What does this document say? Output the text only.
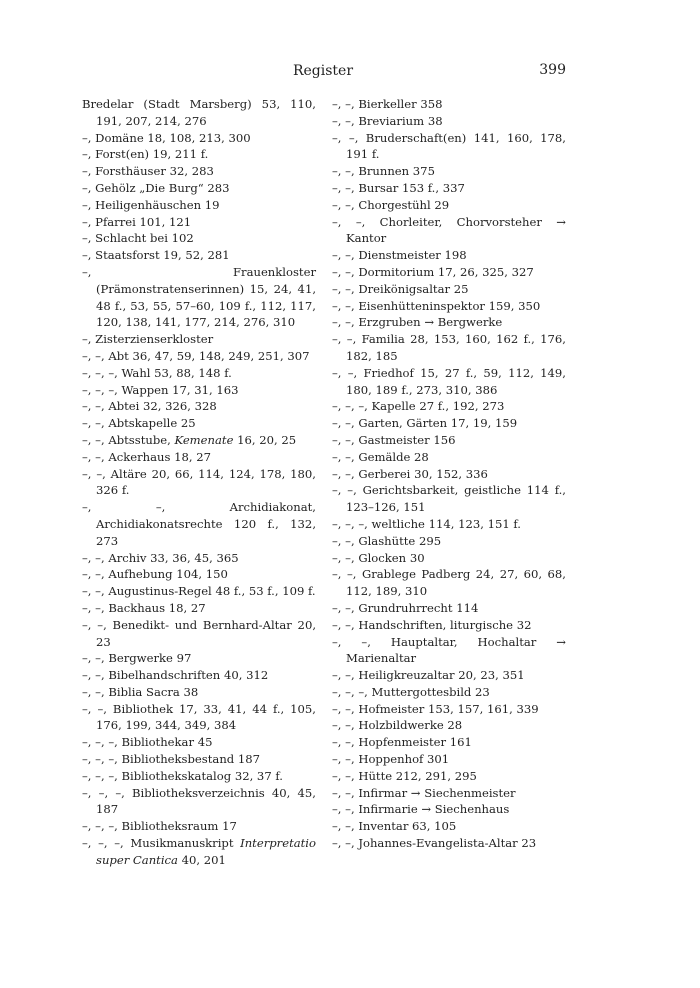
Register	399
Bredelar (Stadt Marsberg) 53, 110, 191, 207, 214, 276
–, Domäne 18, 108, 213, 300
–, Forst(en) 19, 211 f.
–, Forsthäuser 32, 283
–, Gehölz „Die Burg“ 283
–, Heiligenhäuschen 19
–, Pfarrei 101, 121
–, Schlacht bei 102
–, Staatsforst 19, 52, 281
–, Frauenkloster (Prämonstratenserinnen) 15, 24, 41, 48 f., 53, 55, 57–60, 109 f., 112, 117, 120, 138, 141, 177, 214, 276, 310
–, Zisterzienserkloster
–, –, Abt 36, 47, 59, 148, 249, 251, 307
–, –, –, Wahl 53, 88, 148 f.
–, –, –, Wappen 17, 31, 163
–, –, Abtei 32, 326, 328
–, –, Abtskapelle 25
–, –, Abtsstube, Kemenate 16, 20, 25
–, –, Ackerhaus 18, 27
–, –, Altäre 20, 66, 114, 124, 178, 180, 326 f.
–, –, Archidiakonat, Archidiakonatsrechte 120 f., 132, 273
–, –, Archiv 33, 36, 45, 365
–, –, Aufhebung 104, 150
–, –, Augustinus-Regel 48 f., 53 f., 109 f.
–, –, Backhaus 18, 27
–, –, Benedikt- und Bernhard-Altar 20, 23
–, –, Bergwerke 97
–, –, Bibelhandschriften 40, 312
–, –, Biblia Sacra 38
–, –, Bibliothek 17, 33, 41, 44 f., 105, 176, 199, 344, 349, 384
–, –, –, Bibliothekar 45
–, –, –, Bibliotheksbestand 187
–, –, –, Bibliothekskatalog 32, 37 f.
–, –, –, Bibliotheksverzeichnis 40, 45, 187
–, –, –, Bibliotheksraum 17
–, –, –, Musikmanuskript Interpretatio super Cantica 40, 201
–, –, Bierkeller 358
–, –, Breviarium 38
–, –, Bruderschaft(en) 141, 160, 178, 191 f.
–, –, Brunnen 375
–, –, Bursar 153 f., 337
–, –, Chorgestühl 29
–, –, Chorleiter, Chorvorsteher → Kantor
–, –, Dienstmeister 198
–, –, Dormitorium 17, 26, 325, 327
–, –, Dreikönigsaltar 25
–, –, Eisenhütteninspektor 159, 350
–, –, Erzgruben → Bergwerke
–, –, Familia 28, 153, 160, 162 f., 176, 182, 185
–, –, Friedhof 15, 27 f., 59, 112, 149, 180, 189 f., 273, 310, 386
–, –, –, Kapelle 27 f., 192, 273
–, –, Garten, Gärten 17, 19, 159
–, –, Gastmeister 156
–, –, Gemälde 28
–, –, Gerberei 30, 152, 336
–, –, Gerichtsbarkeit, geistliche 114 f., 123–126, 151
–, –, –, weltliche 114, 123, 151 f.
–, –, Glashütte 295
–, –, Glocken 30
–, –, Grablege Padberg 24, 27, 60, 68, 112, 189, 310
–, –, Grundruhrrecht 114
–, –, Handschriften, liturgische 32
–, –, Hauptaltar, Hochaltar → Marienaltar
–, –, Heiligkreuzaltar 20, 23, 351
–, –, –, Muttergottesbild 23
–, –, Hofmeister 153, 157, 161, 339
–, –, Holzbildwerke 28
–, –, Hopfenmeister 161
–, –, Hoppenhof 301
–, –, Hütte 212, 291, 295
–, –, Infirmar → Siechenmeister
–, –, Infirmarie → Siechenhaus
–, –, Inventar 63, 105
–, –, Johannes-Evangelista-Altar 23
